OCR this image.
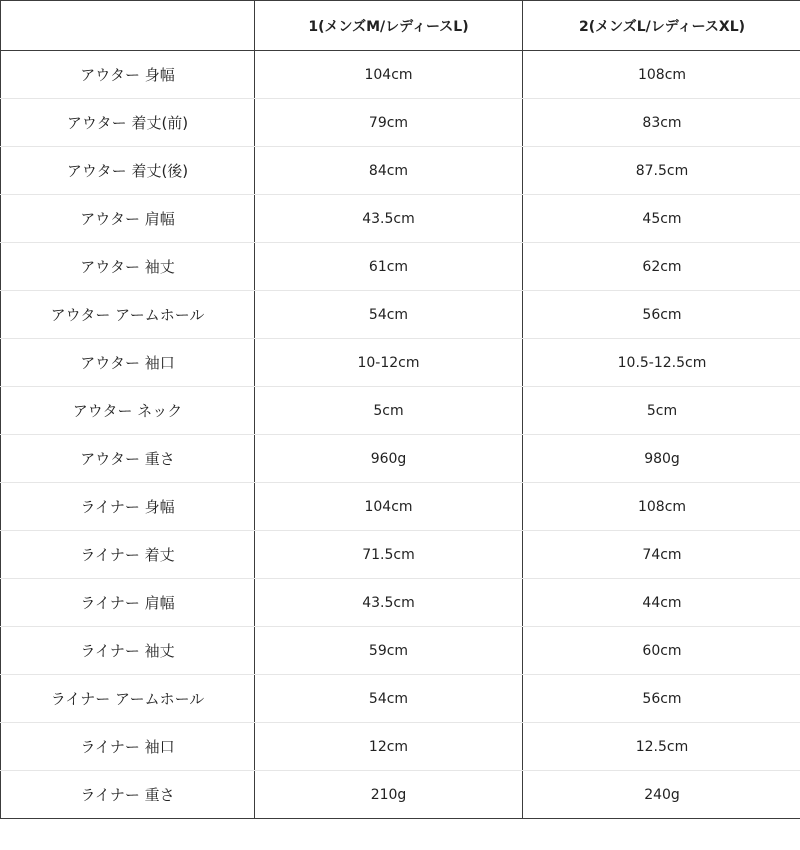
	1(メンズM/レディースL)	2(メンズL/レディースXL)
アウター 身幅	104cm	108cm
アウター 着丈(前)	79cm	83cm
アウター 着丈(後)	84cm	87.5cm
アウター 肩幅	43.5cm	45cm
アウター 袖丈	61cm	62cm
アウター アームホール	54cm	56cm
アウター 袖口	10-12cm	10.5-12.5cm
アウター ネック	5cm	5cm
アウター 重さ	960g	980g
ライナー 身幅	104cm	108cm
ライナー 着丈	71.5cm	74cm
ライナー 肩幅	43.5cm	44cm
ライナー 袖丈	59cm	60cm
ライナー アームホール	54cm	56cm
ライナー 袖口	12cm	12.5cm
ライナー 重さ	210g	240g
